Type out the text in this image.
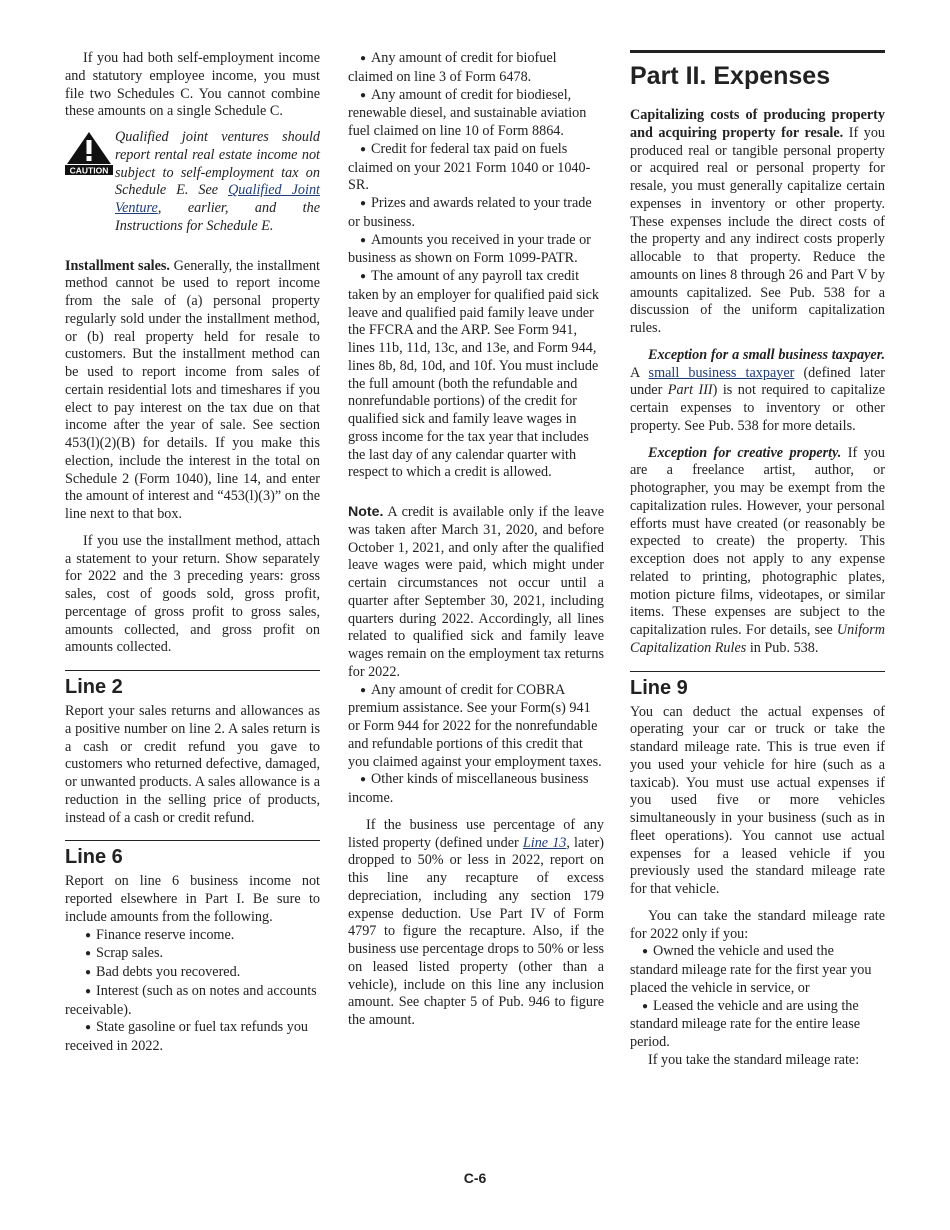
If you had both self-employment income and statutory employee income, you must file two Schedules C. You cannot combine these amounts on a single Schedule C.

CAUTION

Qualified joint ventures should report rental real estate income not subject to self-employment tax on Schedule E. See Qualified Joint Venture, earlier, and the Instructions for Schedule E.

Installment sales. Generally, the installment method cannot be used to report income from the sale of (a) personal property regularly sold under the installment method, or (b) real property held for resale to customers. But the installment method can be used to report income from sales of certain residential lots and timeshares if you elect to pay interest on the tax due on that income after the year of sale. See section 453(l)(2)(B) for details. If you make this election, include the interest in the total on Schedule 2 (Form 1040), line 14, and enter the amount of interest and “453(l)(3)” on the line next to that box.

If you use the installment method, attach a statement to your return. Show separately for 2022 and the 3 preceding years: gross sales, cost of goods sold, gross profit, percentage of gross profit to gross sales, amounts collected, and gross profit on amounts collected.

Line 2

Report your sales returns and allowances as a positive number on line 2. A sales return is a cash or credit refund you gave to customers who returned defective, damaged, or unwanted products. A sales allowance is a reduction in the selling price of products, instead of a cash or credit refund.

Line 6

Report on line 6 business income not reported elsewhere in Part I. Be sure to include amounts from the following.

● Finance reserve income.

● Scrap sales.

● Bad debts you recovered.

● Interest (such as on notes and accounts receivable).

● State gasoline or fuel tax refunds you received in 2022.

● Any amount of credit for biofuel claimed on line 3 of Form 6478.

● Any amount of credit for biodiesel, renewable diesel, and sustainable aviation fuel claimed on line 10 of Form 8864.

● Credit for federal tax paid on fuels claimed on your 2021 Form 1040 or 1040-SR.

● Prizes and awards related to your trade or business.

● Amounts you received in your trade or business as shown on Form 1099-PATR.

● The amount of any payroll tax credit taken by an employer for qualified paid sick leave and qualified paid family leave under the FFCRA and the ARP. See Form 941, lines 11b, 11d, 13c, and 13e, and Form 944, lines 8b, 8d, 10d, and 10f. You must include the full amount (both the refundable and nonrefundable portions) of the credit for qualified sick and family leave wages in gross income for the tax year that includes the last day of any calendar quarter with respect to which a credit is allowed.

Note. A credit is available only if the leave was taken after March 31, 2020, and before October 1, 2021, and only after the qualified leave wages were paid, which might under certain circumstances not occur until a quarter after September 30, 2021, including quarters during 2022. Accordingly, all lines related to qualified sick and family leave wages remain on the employment tax returns for 2022.

● Any amount of credit for COBRA premium assistance. See your Form(s) 941 or Form 944 for 2022 for the nonrefundable and refundable portions of this credit that you claimed against your employment taxes.

● Other kinds of miscellaneous business income.

If the business use percentage of any listed property (defined under Line 13, later) dropped to 50% or less in 2022, report on this line any recapture of excess depreciation, including any section 179 expense deduction. Use Part IV of Form 4797 to figure the recapture. Also, if the business use percentage drops to 50% or less on leased listed property (other than a vehicle), include on this line any inclusion amount. See chapter 5 of Pub. 946 to figure the amount.

Part II. Expenses

Capitalizing costs of producing property and acquiring property for resale. If you produced real or tangible personal property or acquired real or personal property for resale, you must generally capitalize certain expenses in inventory or other property. These expenses include the direct costs of the property and any indirect costs properly allocable to that property. Reduce the amounts on lines 8 through 26 and Part V by amounts capitalized. See Pub. 538 for a discussion of the uniform capitalization rules.

Exception for a small business taxpayer. A small business taxpayer (defined later under Part III) is not required to capitalize certain expenses to inventory or other property. See Pub. 538 for more details.

Exception for creative property. If you are a freelance artist, author, or photographer, you may be exempt from the capitalization rules. However, your personal efforts must have created (or reasonably be expected to create) the property. This exception does not apply to any expense related to printing, photographic plates, motion picture films, videotapes, or similar items. These expenses are subject to the capitalization rules. For details, see Uniform Capitalization Rules in Pub. 538.

Line 9

You can deduct the actual expenses of operating your car or truck or take the standard mileage rate. This is true even if you used your vehicle for hire (such as a taxicab). You must use actual expenses if you used five or more vehicles simultaneously in your business (such as in fleet operations). You cannot use actual expenses for a leased vehicle if you previously used the standard mileage rate for that vehicle.

You can take the standard mileage rate for 2022 only if you:

● Owned the vehicle and used the standard mileage rate for the first year you placed the vehicle in service, or

● Leased the vehicle and are using the standard mileage rate for the entire lease period.

If you take the standard mileage rate:

C-6
